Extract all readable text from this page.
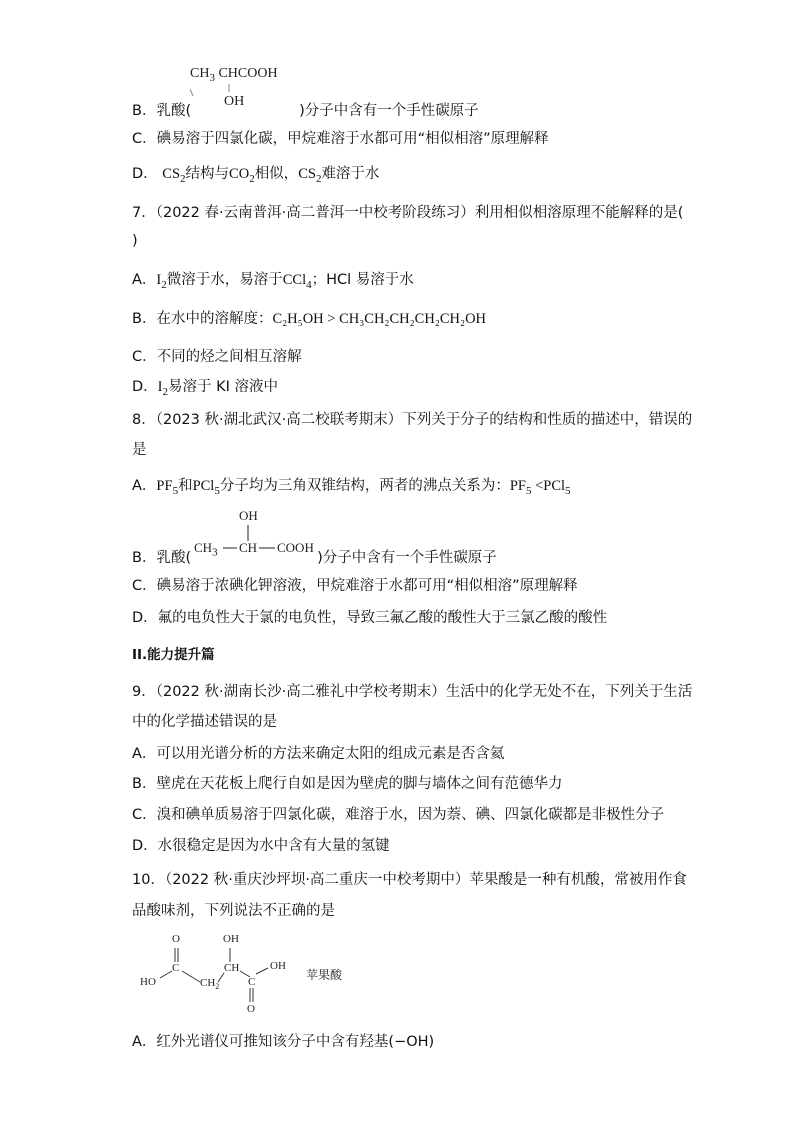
$CH_3$ CHCOOH
OH
B．乳酸(	)分子中含有一个手性碳原子
C．碘易溶于四氯化碳，甲烷难溶于水都可用“相似相溶”原理解释
D． $CS_2$结构与$CO_2$相似，$CS_2$难溶于水
7．（2022 春·云南普洱·高二普洱一中校考阶段练习）利用相似相溶原理不能解释的是(
)
A．$I_2$微溶于水，易溶于CCl$_4$；HCl 易溶于水
B．在水中的溶解度：C₂H₅OH > CH₃CH₂CH₂CH₂CH₂OH
C．不同的烃之间相互溶解
D．$I_2$易溶于 KI 溶液中
8．（2023 秋·湖北武汉·高二校联考期末）下列关于分子的结构和性质的描述中，错误的
是
A．$PF_5$和PCl$_5$分子均为三角双锥结构，两者的沸点关系为：$PF_5 <PCl_5$
OH
$CH_3$ CH COOH
B．乳酸(	)分子中含有一个手性碳原子
C．碘易溶于浓碘化钾溶液，甲烷难溶于水都可用“相似相溶”原理解释
D．氟的电负性大于氯的电负性，导致三氟乙酸的酸性大于三氯乙酸的酸性
II.能力提升篇
9．（2022 秋·湖南长沙·高二雅礼中学校考期末）生活中的化学无处不在，下列关于生活
中的化学描述错误的是
A．可以用光谱分析的方法来确定太阳的组成元素是否含氦
B．壁虎在天花板上爬行自如是因为壁虎的脚与墙体之间有范德华力
C．溴和碘单质易溶于四氯化碳，难溶于水，因为萘、碘、四氯化碳都是非极性分子
D．水很稳定是因为水中含有大量的氢键
10．（2022 秋·重庆沙坪坝·高二重庆一中校考期中）苹果酸是一种有机酸，常被用作食
品酸味剂，下列说法不正确的是
O	OH
C	CH	OH
HO	$CH_2$	C
O
苹果酸
A．红外光谱仪可推知该分子中含有羟基(−OH)
